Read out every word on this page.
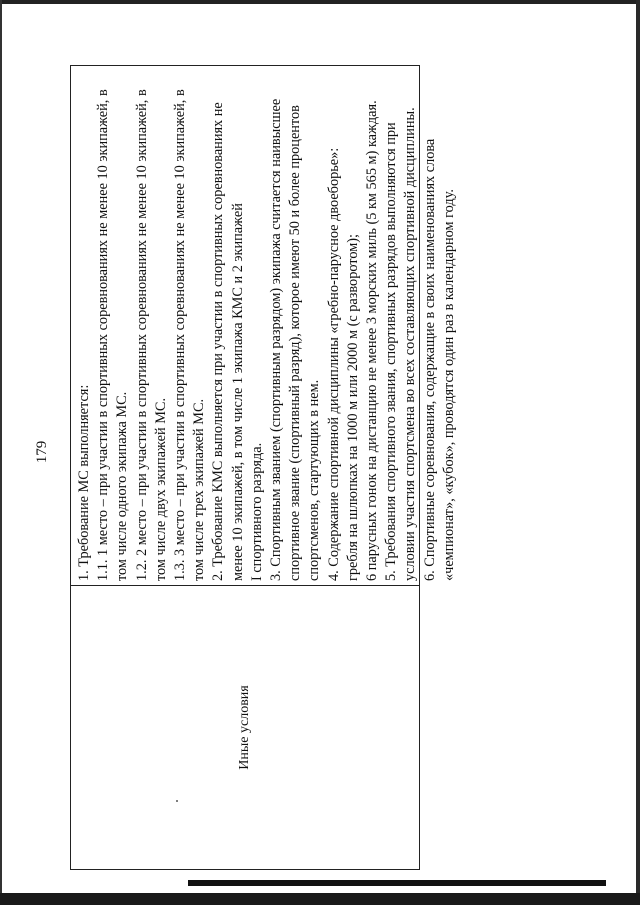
179
Иные условия
1. Требование МС выполняется: 1.1. 1 место – при участии в спортивных соревнованиях не менее 10 экипажей, в том числе одного экипажа МС. 1.2. 2 место – при участии в спортивных соревнованиях не менее 10 экипажей, в том числе двух экипажей МС. 1.3. 3 место – при участии в спортивных соревнованиях не менее 10 экипажей, в том числе трех экипажей МС. 2. Требование КМС выполняется при участии в спортивных соревнованиях не менее 10 экипажей, в том числе 1 экипажа КМС и 2 экипажей I спортивного разряда. 3. Спортивным званием (спортивным разрядом) экипажа считается наивысшее спортивное звание (спортивный разряд), которое имеют 50 и более процентов спортсменов, стартующих в нем. 4. Содержание спортивной дисциплины «гребно-парусное двоеборье»: гребля на шлюпках на 1000 м или 2000 м (с разворотом); 6 парусных гонок на дистанцию не менее 3 морских миль (5 км 565 м) каждая. 5. Требования спортивного звания, спортивных разрядов выполняются при условии участия спортсмена во всех составляющих спортивной дисциплины. 6. Спортивные соревнования, содержащие в своих наименованиях слова «чемпионат», «кубок», проводятся один раз в календарном году.
